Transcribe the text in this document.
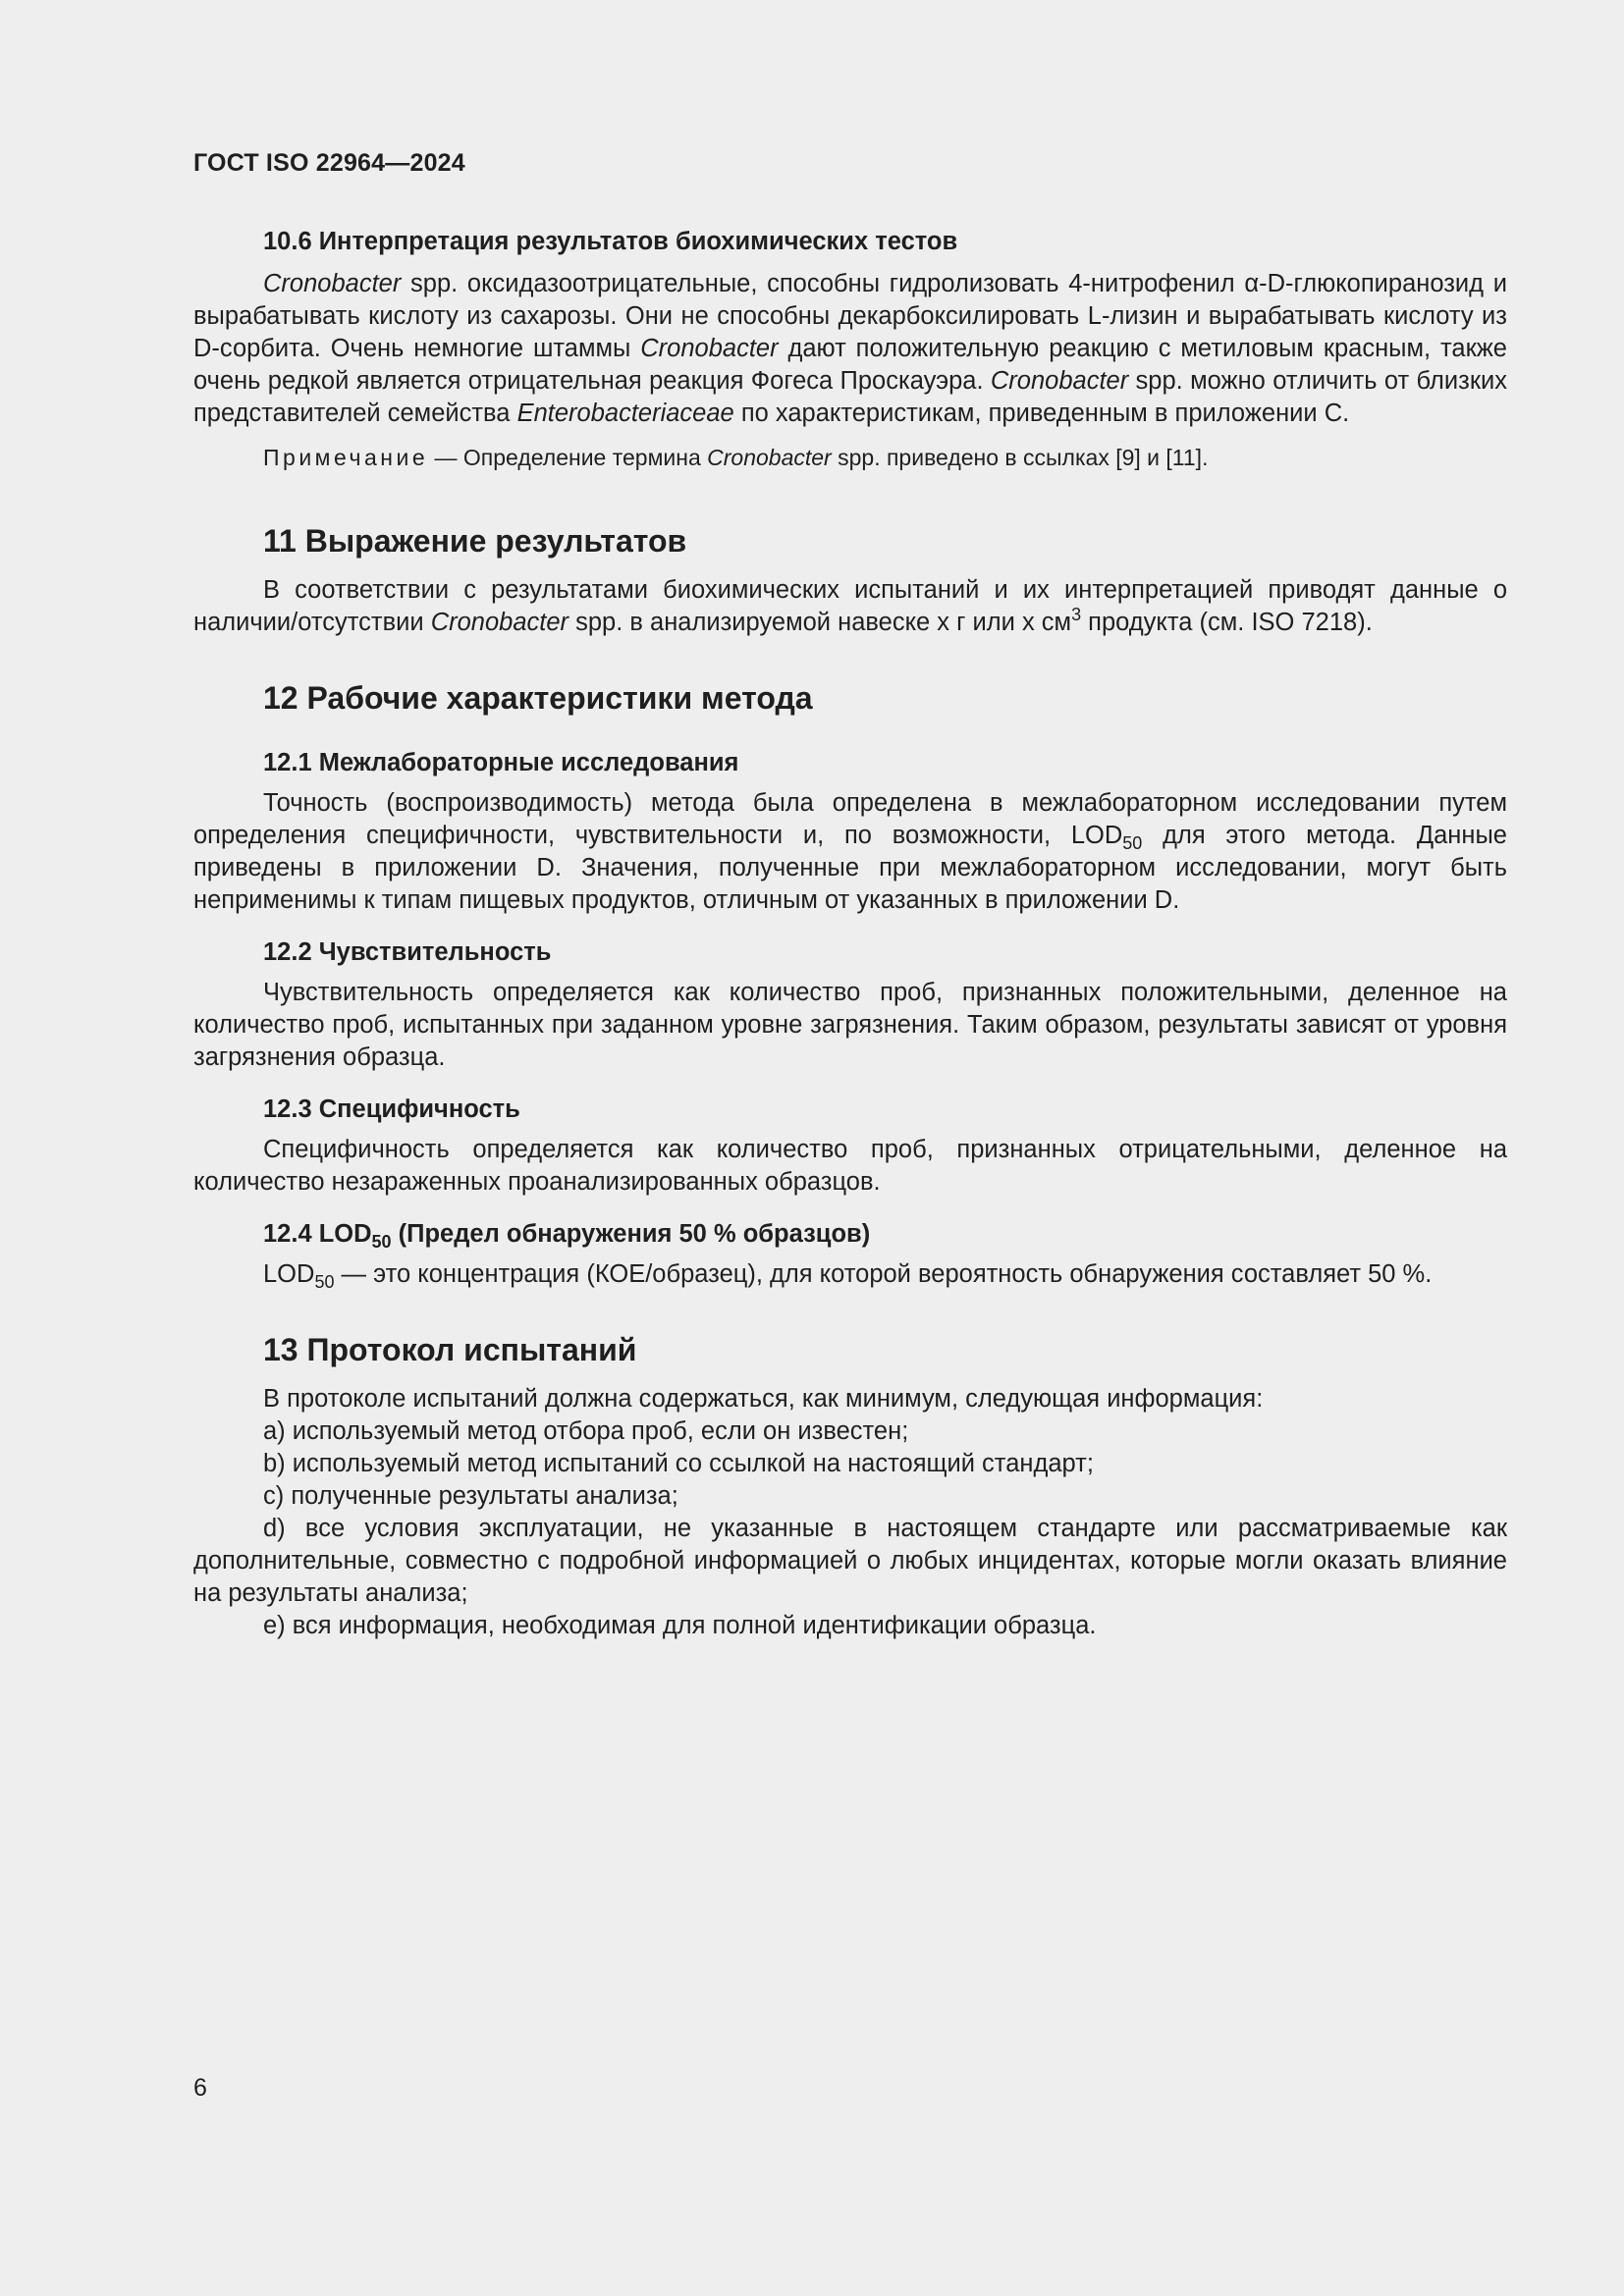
ГОСТ ISO 22964—2024

10.6 Интерпретация результатов биохимических тестов

Cronobacter spp. оксидазоотрицательные, способны гидролизовать 4-нитрофенил α-D-глюкопиранозид и вырабатывать кислоту из сахарозы. Они не способны декарбоксилировать L-лизин и вырабатывать кислоту из D-сорбита. Очень немногие штаммы Cronobacter дают положительную реакцию с метиловым красным, также очень редкой является отрицательная реакция Фогеса Проскауэра. Cronobacter spp. можно отличить от близких представителей семейства Enterobacteriaceae по характеристикам, приведенным в приложении С.

Примечание — Определение термина Cronobacter spp. приведено в ссылках [9] и [11].

11 Выражение результатов

В соответствии с результатами биохимических испытаний и их интерпретацией приводят данные о наличии/отсутствии Cronobacter spp. в анализируемой навеске х г или х $см^3$ продукта (см. ISO 7218).

12 Рабочие характеристики метода

12.1 Межлабораторные исследования

Точность (воспроизводимость) метода была определена в межлабораторном исследовании путем определения специфичности, чувствительности и, по возможности, $LOD_{50}$ для этого метода. Данные приведены в приложении D. Значения, полученные при межлабораторном исследовании, могут быть неприменимы к типам пищевых продуктов, отличным от указанных в приложении D.

12.2 Чувствительность

Чувствительность определяется как количество проб, признанных положительными, деленное на количество проб, испытанных при заданном уровне загрязнения. Таким образом, результаты зависят от уровня загрязнения образца.

12.3 Специфичность

Специфичность определяется как количество проб, признанных отрицательными, деленное на количество незараженных проанализированных образцов.

12.4 $LOD_{50}$ (Предел обнаружения 50 % образцов)

$LOD_{50}$ — это концентрация (КОЕ/образец), для которой вероятность обнаружения составляет 50 %.

13 Протокол испытаний

В протоколе испытаний должна содержаться, как минимум, следующая информация:

a) используемый метод отбора проб, если он известен;

b) используемый метод испытаний со ссылкой на настоящий стандарт;

c) полученные результаты анализа;

d) все условия эксплуатации, не указанные в настоящем стандарте или рассматриваемые как дополнительные, совместно с подробной информацией о любых инцидентах, которые могли оказать влияние на результаты анализа;

e) вся информация, необходимая для полной идентификации образца.

6
